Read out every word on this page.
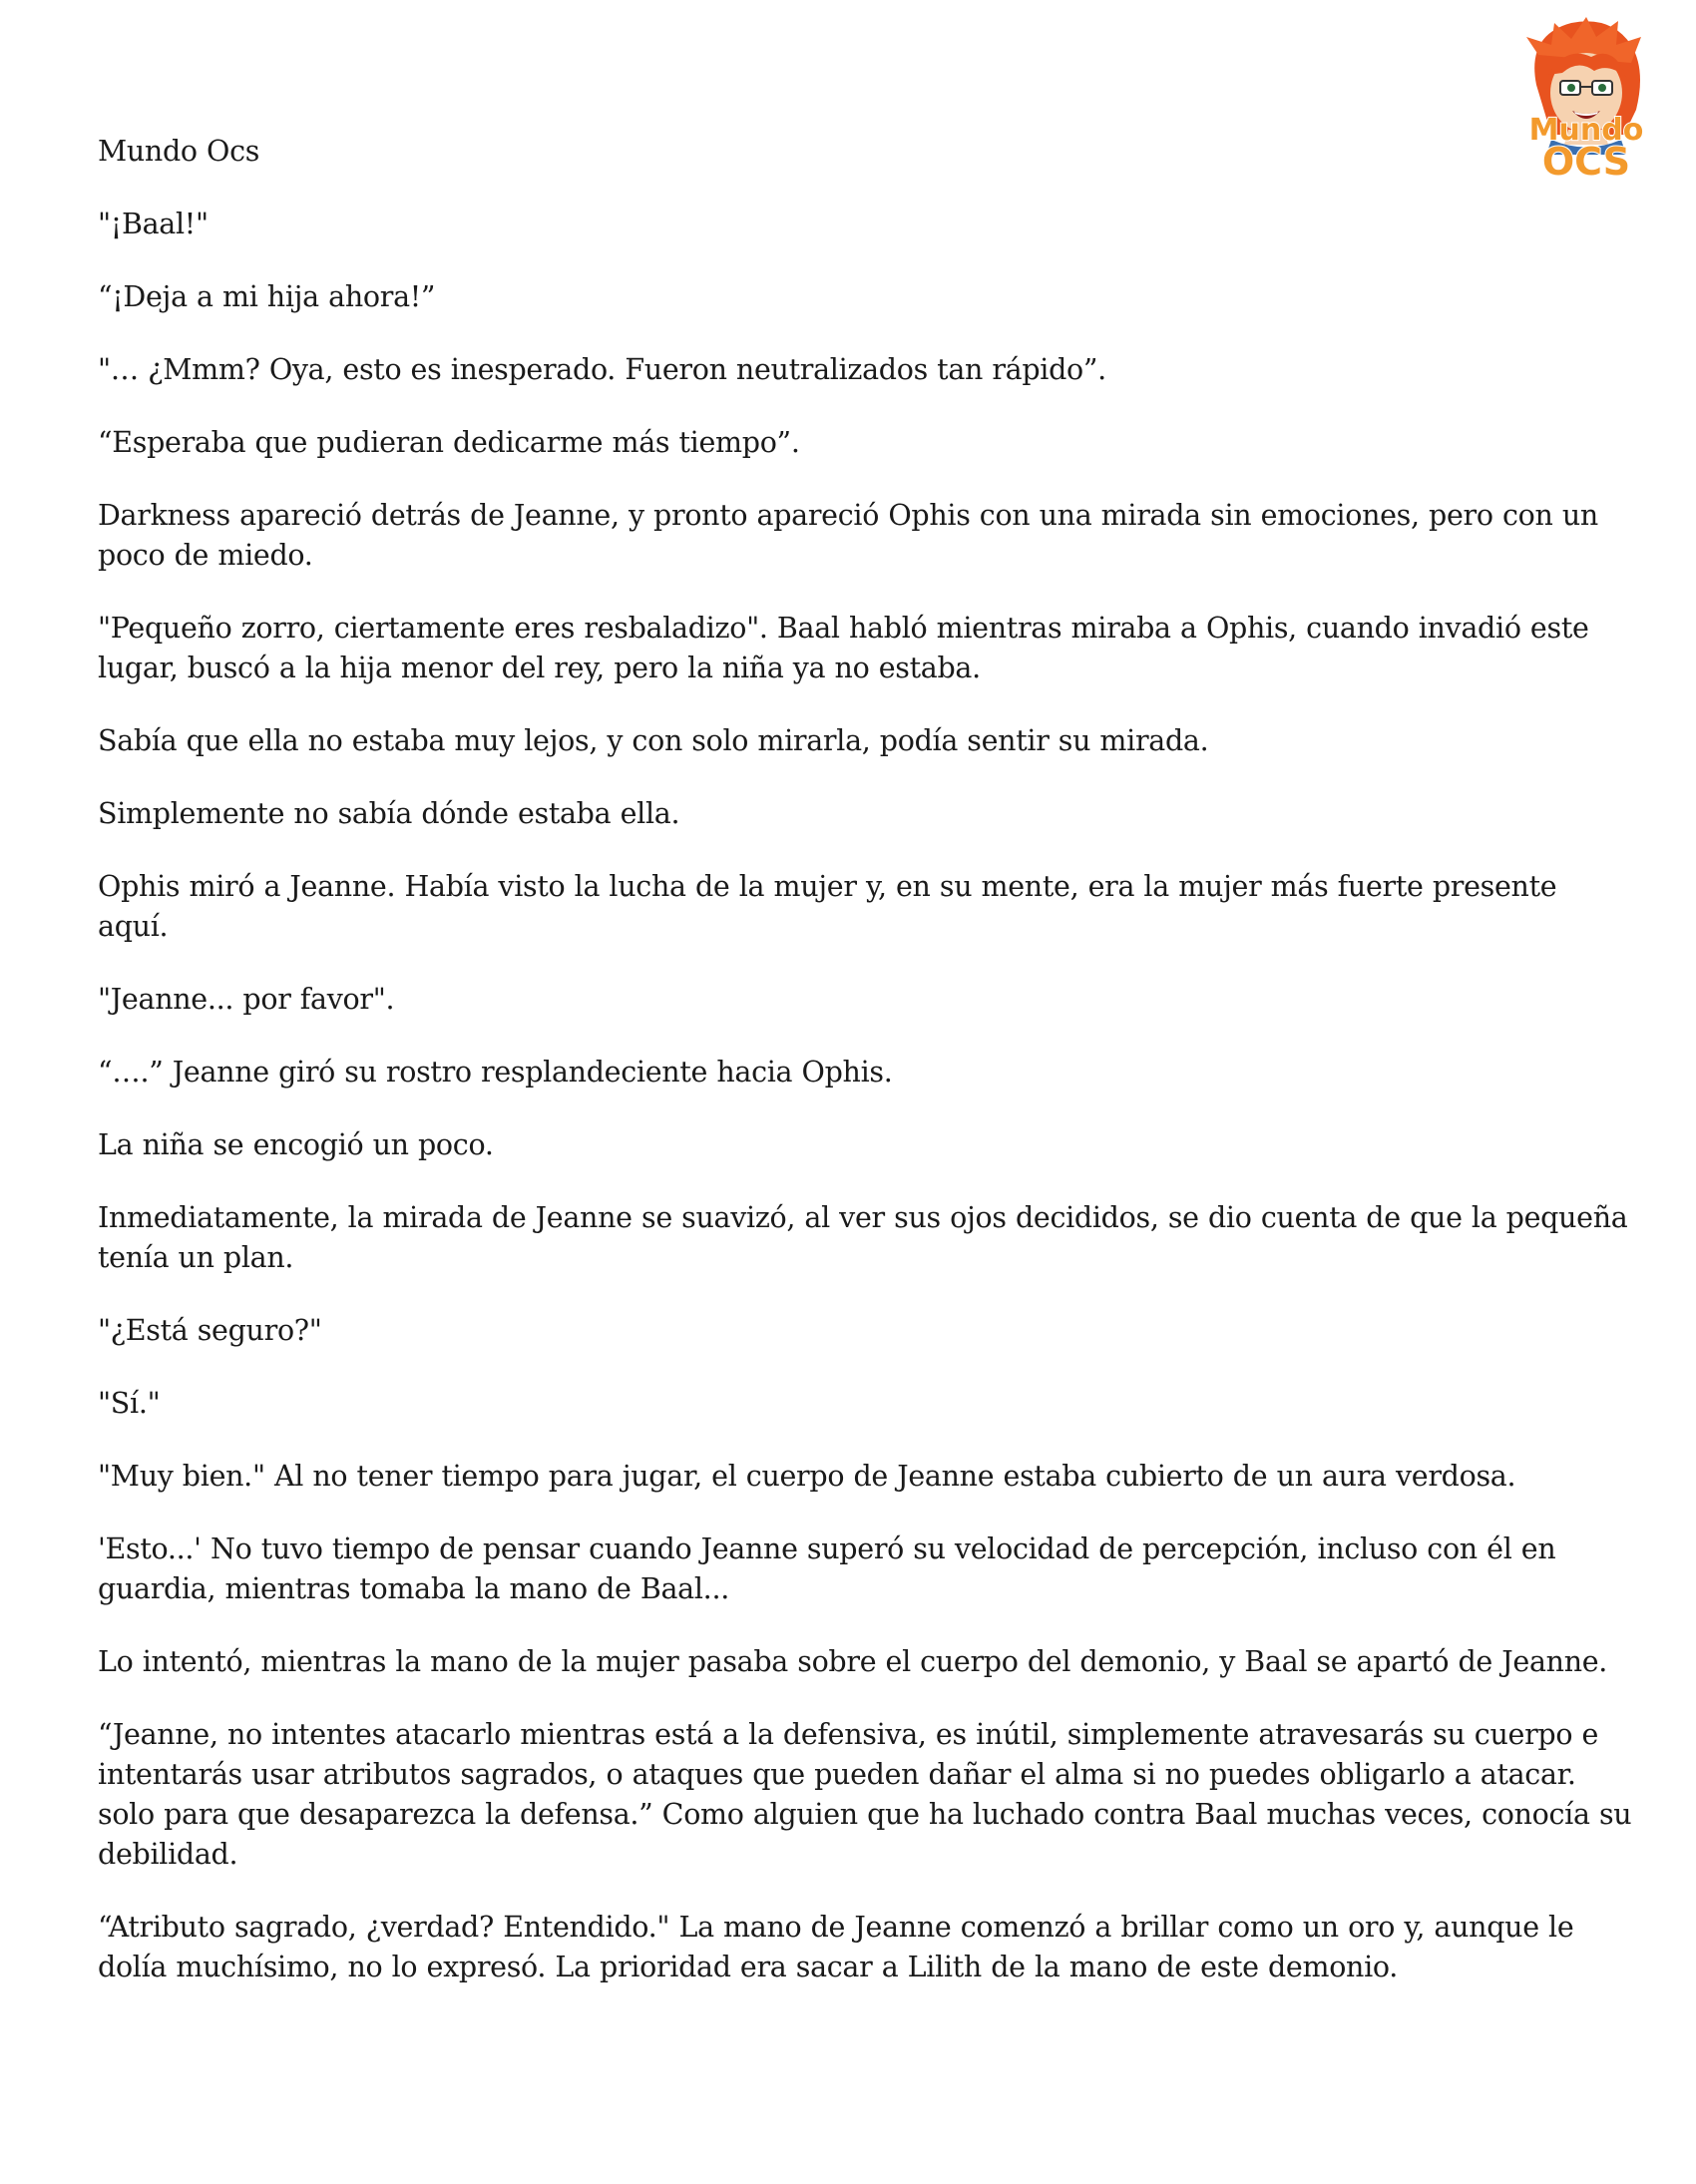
Mundo
OCS

Mundo Ocs

"¡Baal!"

“¡Deja a mi hija ahora!”

"… ¿Mmm? Oya, esto es inesperado. Fueron neutralizados tan rápido”.

“Esperaba que pudieran dedicarme más tiempo”.

Darkness apareció detrás de Jeanne, y pronto apareció Ophis con una mirada sin emociones, pero con un poco de miedo.

"Pequeño zorro, ciertamente eres resbaladizo". Baal habló mientras miraba a Ophis, cuando invadió este lugar, buscó a la hija menor del rey, pero la niña ya no estaba.

Sabía que ella no estaba muy lejos, y con solo mirarla, podía sentir su mirada.

Simplemente no sabía dónde estaba ella.

Ophis miró a Jeanne. Había visto la lucha de la mujer y, en su mente, era la mujer más fuerte presente aquí.

"Jeanne... por favor".

“….” Jeanne giró su rostro resplandeciente hacia Ophis.

La niña se encogió un poco.

Inmediatamente, la mirada de Jeanne se suavizó, al ver sus ojos decididos, se dio cuenta de que la pequeña tenía un plan.

"¿Está seguro?"

"Sí."

"Muy bien." Al no tener tiempo para jugar, el cuerpo de Jeanne estaba cubierto de un aura verdosa.

'Esto...' No tuvo tiempo de pensar cuando Jeanne superó su velocidad de percepción, incluso con él en guardia, mientras tomaba la mano de Baal...

Lo intentó, mientras la mano de la mujer pasaba sobre el cuerpo del demonio, y Baal se apartó de Jeanne.

“Jeanne, no intentes atacarlo mientras está a la defensiva, es inútil, simplemente atravesarás su cuerpo e intentarás usar atributos sagrados, o ataques que pueden dañar el alma si no puedes obligarlo a atacar. solo para que desaparezca la defensa.” Como alguien que ha luchado contra Baal muchas veces, conocía su debilidad.

“Atributo sagrado, ¿verdad? Entendido." La mano de Jeanne comenzó a brillar como un oro y, aunque le dolía muchísimo, no lo expresó. La prioridad era sacar a Lilith de la mano de este demonio.
